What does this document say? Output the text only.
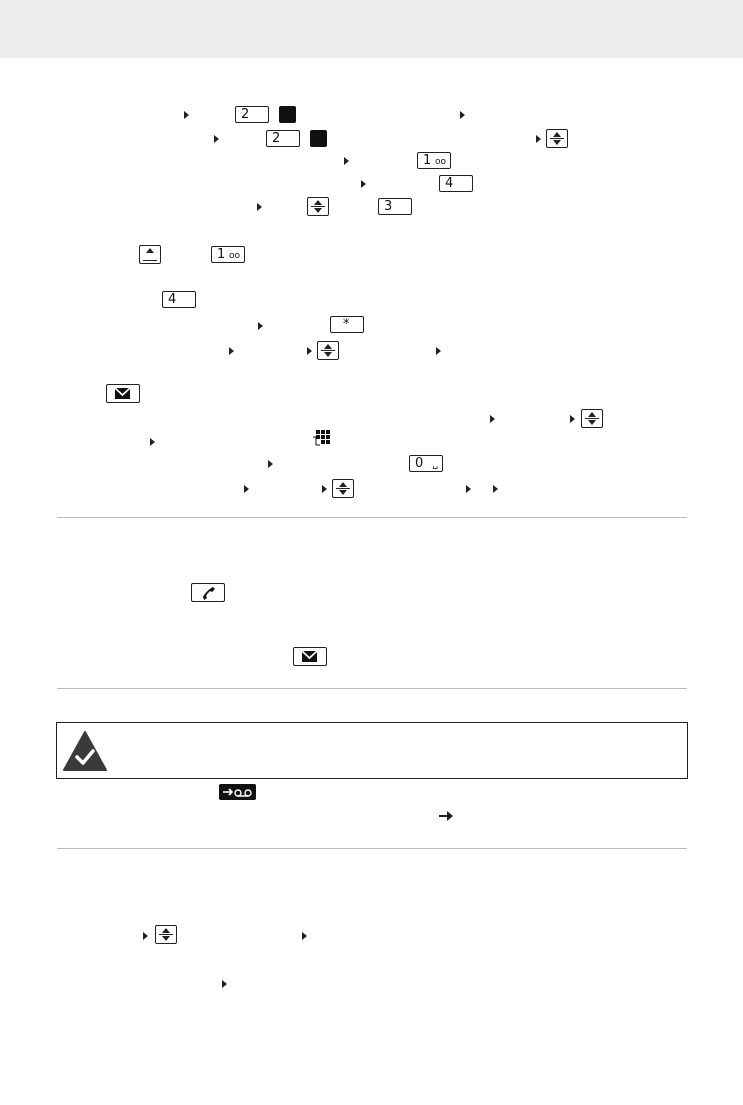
2
2
1 oo
4
3
1 oo
4
*
0 ␣
